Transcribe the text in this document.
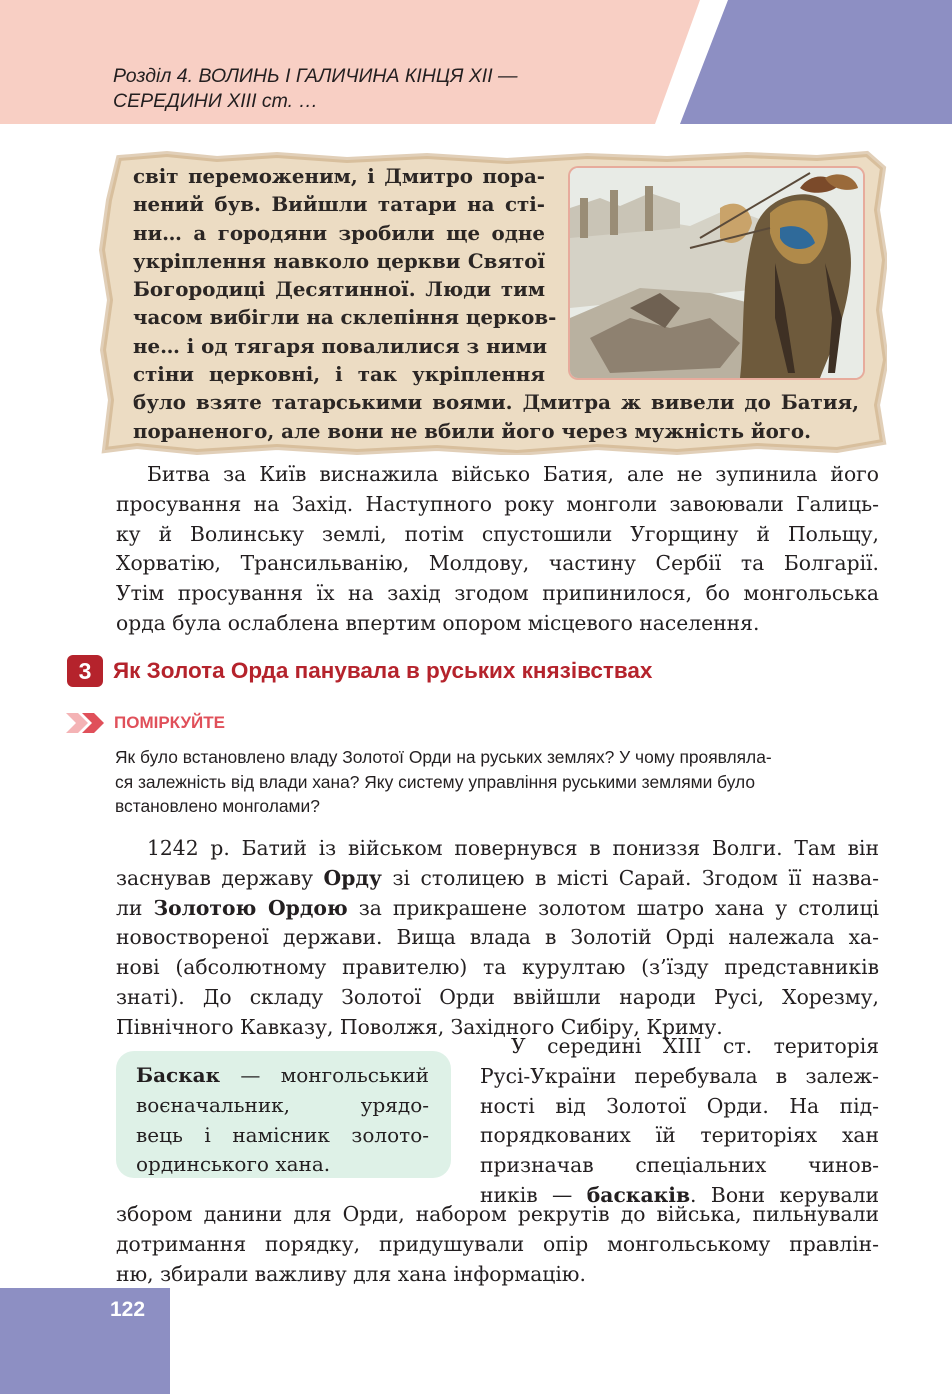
Розділ 4. ВОЛИНЬ І ГАЛИЧИНА КІНЦЯ XII —
СЕРЕДИНИ XIII ст. …
світ переможеним, і Дмитро пора-
нений був. Вийшли татари на сті-
ни… а городяни зробили ще одне
укріплення навколо церкви Святої
Богородиці Десятинної. Люди тим
часом вибігли на склепіння церков-
не… і од тягаря повалилися з ними
стіни церковні, і так укріплення
було взяте татарськими воями. Дмитра ж вивели до Батия,
пораненого, але вони не вбили його через мужність його.
Битва за Київ виснажила військо Батия, але не зупинила його
просування на Захід. Наступного року монголи завоювали Галиць-
ку й Волинську землі, потім спустошили Угорщину й Польщу,
Хорватію, Трансильванію, Молдову, частину Сербії та Болгарії.
Утім просування їх на захід згодом припинилося, бо монгольська
орда була ослаблена впертим опором місцевого населення.
3 Як Золота Орда панувала в руських князівствах
ПОМІРКУЙТЕ
Як було встановлено владу Золотої Орди на руських землях? У чому проявляла-
ся залежність від влади хана? Яку систему управління руськими землями було
встановлено монголами?
1242 р. Батий із військом повернувся в пониззя Волги. Там він
заснував державу Орду зі столицею в місті Сарай. Згодом її назва-
ли Золотою Ордою за прикрашене золотом шатро хана у столиці
новоствореної держави. Вища влада в Золотій Орді належала ха-
нові (абсолютному правителю) та курултаю (з’їзду представників
знаті). До складу Золотої Орди ввійшли народи Русі, Хорезму,
Північного Кавказу, Поволжя, Західного Сибіру, Криму.
Баскак — монгольський
воєначальник, урядо-
вець і намісник золото-
ординського хана.
У середині XIII ст. територія
Русі-України перебувала в залеж-
ності від Золотої Орди. На під-
порядкованих їй територіях хан
призначав спеціальних чинов-
ників — баскаків. Вони керували
збором данини для Орди, набором рекрутів до війська, пильнували
дотримання порядку, придушували опір монгольському правлін-
ню, збирали важливу для хана інформацію.
122
